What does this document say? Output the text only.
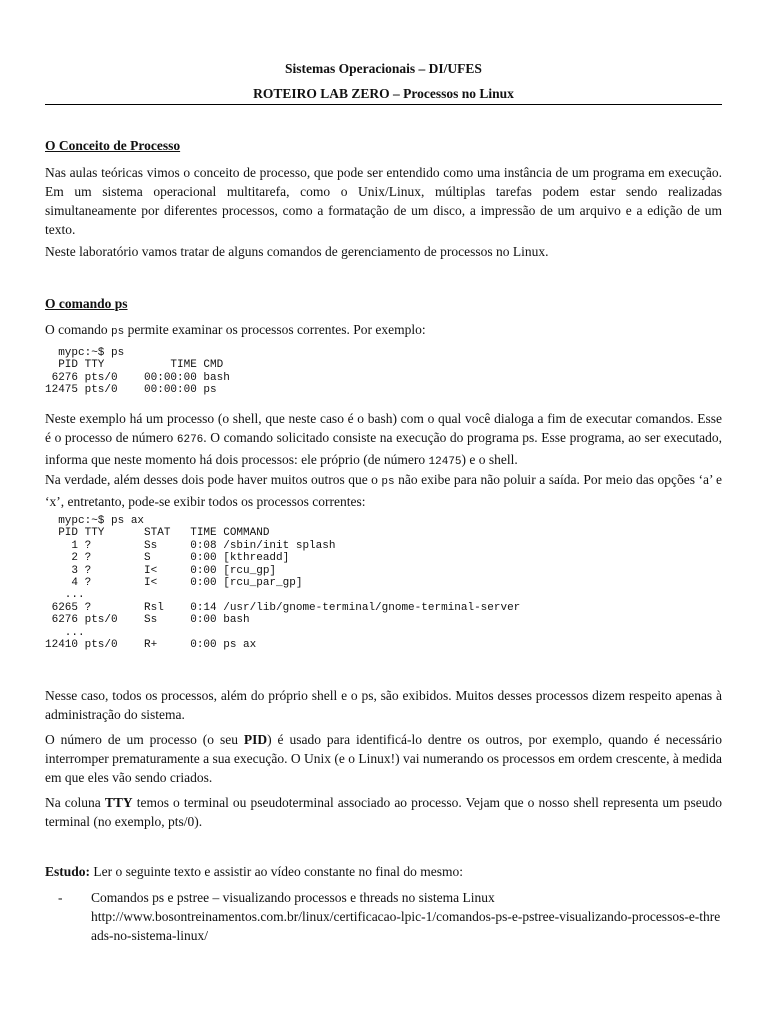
Sistemas Operacionais – DI/UFES
ROTEIRO LAB ZERO – Processos no Linux
O Conceito de Processo

Nas aulas teóricas vimos o conceito de processo, que pode ser entendido como uma instância de um programa em execução. Em um sistema operacional multitarefa, como o Unix/Linux, múltiplas tarefas podem estar sendo realizadas simultaneamente por diferentes processos, como a formatação de um disco, a impressão de um arquivo e a edição de um texto.

Neste laboratório vamos tratar de alguns comandos de gerenciamento de processos no Linux.

O comando ps

O comando ps permite examinar os processos correntes. Por exemplo:

mypc:~$ ps
PID TTY          TIME CMD
6276 pts/0    00:00:00 bash
12475 pts/0    00:00:00 ps

Neste exemplo há um processo (o shell, que neste caso é o bash) com o qual você dialoga a fim de executar comandos. Esse é o processo de número 6276. O comando solicitado consiste na execução do programa ps. Esse programa, ao ser executado, informa que neste momento há dois processos: ele próprio (de número 12475) e o shell.

Na verdade, além desses dois pode haver muitos outros que o ps não exibe para não poluir a saída. Por meio das opções ‘a’ e ‘x’, entretanto, pode-se exibir todos os processos correntes:

mypc:~$ ps ax
PID TTY      STAT   TIME COMMAND
1 ?        Ss     0:08 /sbin/init splash
2 ?        S      0:00 [kthreadd]
3 ?        I<     0:00 [rcu_gp]
4 ?        I<     0:00 [rcu_par_gp]
...
6265 ?        Rsl    0:14 /usr/lib/gnome-terminal/gnome-terminal-server
6276 pts/0    Ss     0:00 bash
...
12410 pts/0    R+     0:00 ps ax

Nesse caso, todos os processos, além do próprio shell e o ps, são exibidos. Muitos desses processos dizem respeito apenas à administração do sistema.

O número de um processo (o seu PID) é usado para identificá-lo dentre os outros, por exemplo, quando é necessário interromper prematuramente a sua execução. O Unix (e o Linux!) vai numerando os processos em ordem crescente, à medida em que eles vão sendo criados.

Na coluna TTY temos o terminal ou pseudoterminal associado ao processo. Vejam que o nosso shell representa um pseudo terminal (no exemplo, pts/0).

Estudo: Ler o seguinte texto e assistir ao vídeo constante no final do mesmo:

- Comandos ps e pstree – visualizando processos e threads no sistema Linux
http://www.bosontreinamentos.com.br/linux/certificacao-lpic-1/comandos-ps-e-pstree-visualizando-processos-e-threads-no-sistema-linux/
